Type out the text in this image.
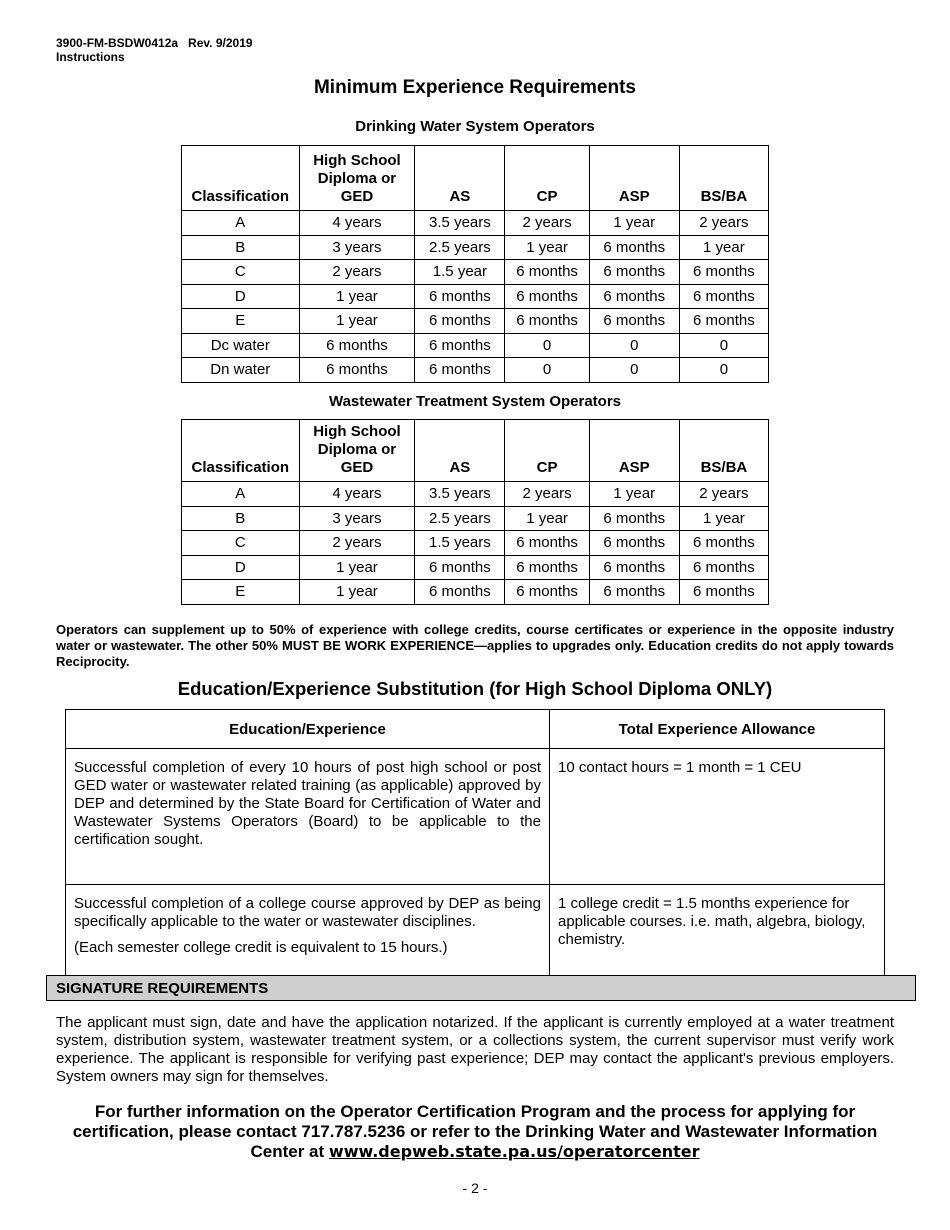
3900-FM-BSDW0412a Rev. 9/2019
Instructions
Minimum Experience Requirements
Drinking Water System Operators
Classification	High School Diploma or GED	AS	CP	ASP	BS/BA
A	4 years	3.5 years	2 years	1 year	2 years
B	3 years	2.5 years	1 year	6 months	1 year
C	2 years	1.5 year	6 months	6 months	6 months
D	1 year	6 months	6 months	6 months	6 months
E	1 year	6 months	6 months	6 months	6 months
Dc water	6 months	6 months	0	0	0
Dn water	6 months	6 months	0	0	0
Wastewater Treatment System Operators
Classification	High School Diploma or GED	AS	CP	ASP	BS/BA
A	4 years	3.5 years	2 years	1 year	2 years
B	3 years	2.5 years	1 year	6 months	1 year
C	2 years	1.5 years	6 months	6 months	6 months
D	1 year	6 months	6 months	6 months	6 months
E	1 year	6 months	6 months	6 months	6 months
Operators can supplement up to 50% of experience with college credits, course certificates or experience in the opposite industry water or wastewater. The other 50% MUST BE WORK EXPERIENCE—applies to upgrades only. Education credits do not apply towards Reciprocity.
Education/Experience Substitution (for High School Diploma ONLY)
Education/Experience	Total Experience Allowance
Successful completion of every 10 hours of post high school or post GED water or wastewater related training (as applicable) approved by DEP and determined by the State Board for Certification of Water and Wastewater Systems Operators (Board) to be applicable to the certification sought.	10 contact hours = 1 month = 1 CEU

Successful completion of a college course approved by DEP as being specifically applicable to the water or wastewater disciplines.
(Each semester college credit is equivalent to 15 hours.)	1 college credit = 1.5 months experience for applicable courses. i.e. math, algebra, biology, chemistry.
SIGNATURE REQUIREMENTS
The applicant must sign, date and have the application notarized. If the applicant is currently employed at a water treatment system, distribution system, wastewater treatment system, or a collections system, the current supervisor must verify work experience. The applicant is responsible for verifying past experience; DEP may contact the applicant's previous employers. System owners may sign for themselves.
For further information on the Operator Certification Program and the process for applying for certification, please contact 717.787.5236 or refer to the Drinking Water and Wastewater Information Center at www.depweb.state.pa.us/operatorcenter
- 2 -
